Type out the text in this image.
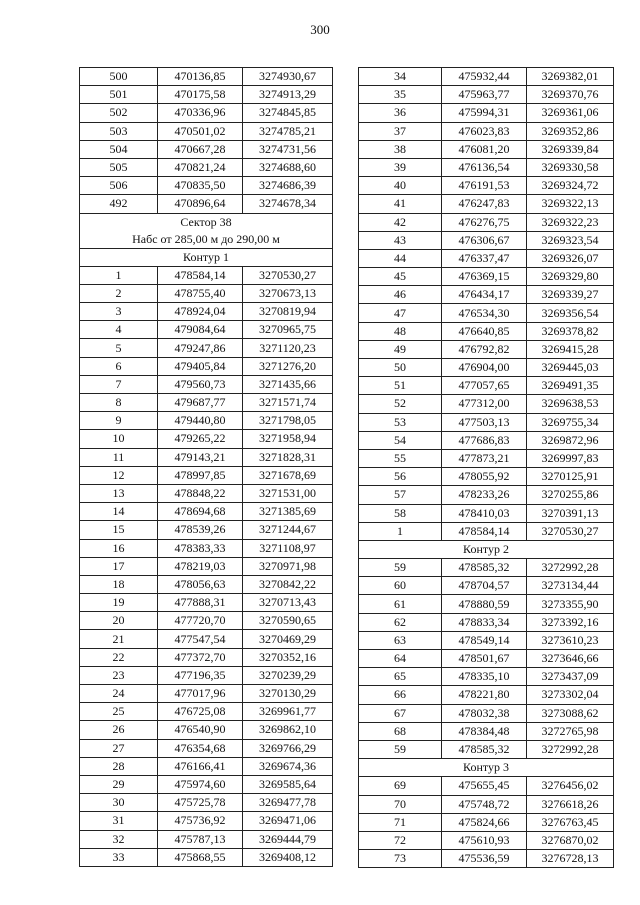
300
500	470136,85	3274930,67
501	470175,58	3274913,29
502	470336,96	3274845,85
503	470501,02	3274785,21
504	470667,28	3274731,56
505	470821,24	3274688,60
506	470835,50	3274686,39
492	470896,64	3274678,34

Сектор 38
Набс от 285,00 м до 290,00 м		

Контур 1		
1	478584,14	3270530,27
2	478755,40	3270673,13
3	478924,04	3270819,94
4	479084,64	3270965,75
5	479247,86	3271120,23
6	479405,84	3271276,20
7	479560,73	3271435,66
8	479687,77	3271571,74
9	479440,80	3271798,05
10	479265,22	3271958,94
11	479143,21	3271828,31
12	478997,85	3271678,69
13	478848,22	3271531,00
14	478694,68	3271385,69
15	478539,26	3271244,67
16	478383,33	3271108,97
17	478219,03	3270971,98
18	478056,63	3270842,22
19	477888,31	3270713,43
20	477720,70	3270590,65
21	477547,54	3270469,29
22	477372,70	3270352,16
23	477196,35	3270239,29
24	477017,96	3270130,29
25	476725,08	3269961,77
26	476540,90	3269862,10
27	476354,68	3269766,29
28	476166,41	3269674,36
29	475974,60	3269585,64
30	475725,78	3269477,78
31	475736,92	3269471,06
32	475787,13	3269444,79
33	475868,55	3269408,12
34	475932,44	3269382,01
35	475963,77	3269370,76
36	475994,31	3269361,06
37	476023,83	3269352,86
38	476081,20	3269339,84
39	476136,54	3269330,58
40	476191,53	3269324,72
41	476247,83	3269322,13
42	476276,75	3269322,23
43	476306,67	3269323,54
44	476337,47	3269326,07
45	476369,15	3269329,80
46	476434,17	3269339,27
47	476534,30	3269356,54
48	476640,85	3269378,82
49	476792,82	3269415,28
50	476904,00	3269445,03
51	477057,65	3269491,35
52	477312,00	3269638,53
53	477503,13	3269755,34
54	477686,83	3269872,96
55	477873,21	3269997,83
56	478055,92	3270125,91
57	478233,26	3270255,86
58	478410,03	3270391,13
1	478584,14	3270530,27
Контур 2		
59	478585,32	3272992,28
60	478704,57	3273134,44
61	478880,59	3273355,90
62	478833,34	3273392,16
63	478549,14	3273610,23
64	478501,67	3273646,66
65	478335,10	3273437,09
66	478221,80	3273302,04
67	478032,38	3273088,62
68	478384,48	3272765,98
59	478585,32	3272992,28
Контур 3		
69	475655,45	3276456,02
70	475748,72	3276618,26
71	475824,66	3276763,45
72	475610,93	3276870,02
73	475536,59	3276728,13
